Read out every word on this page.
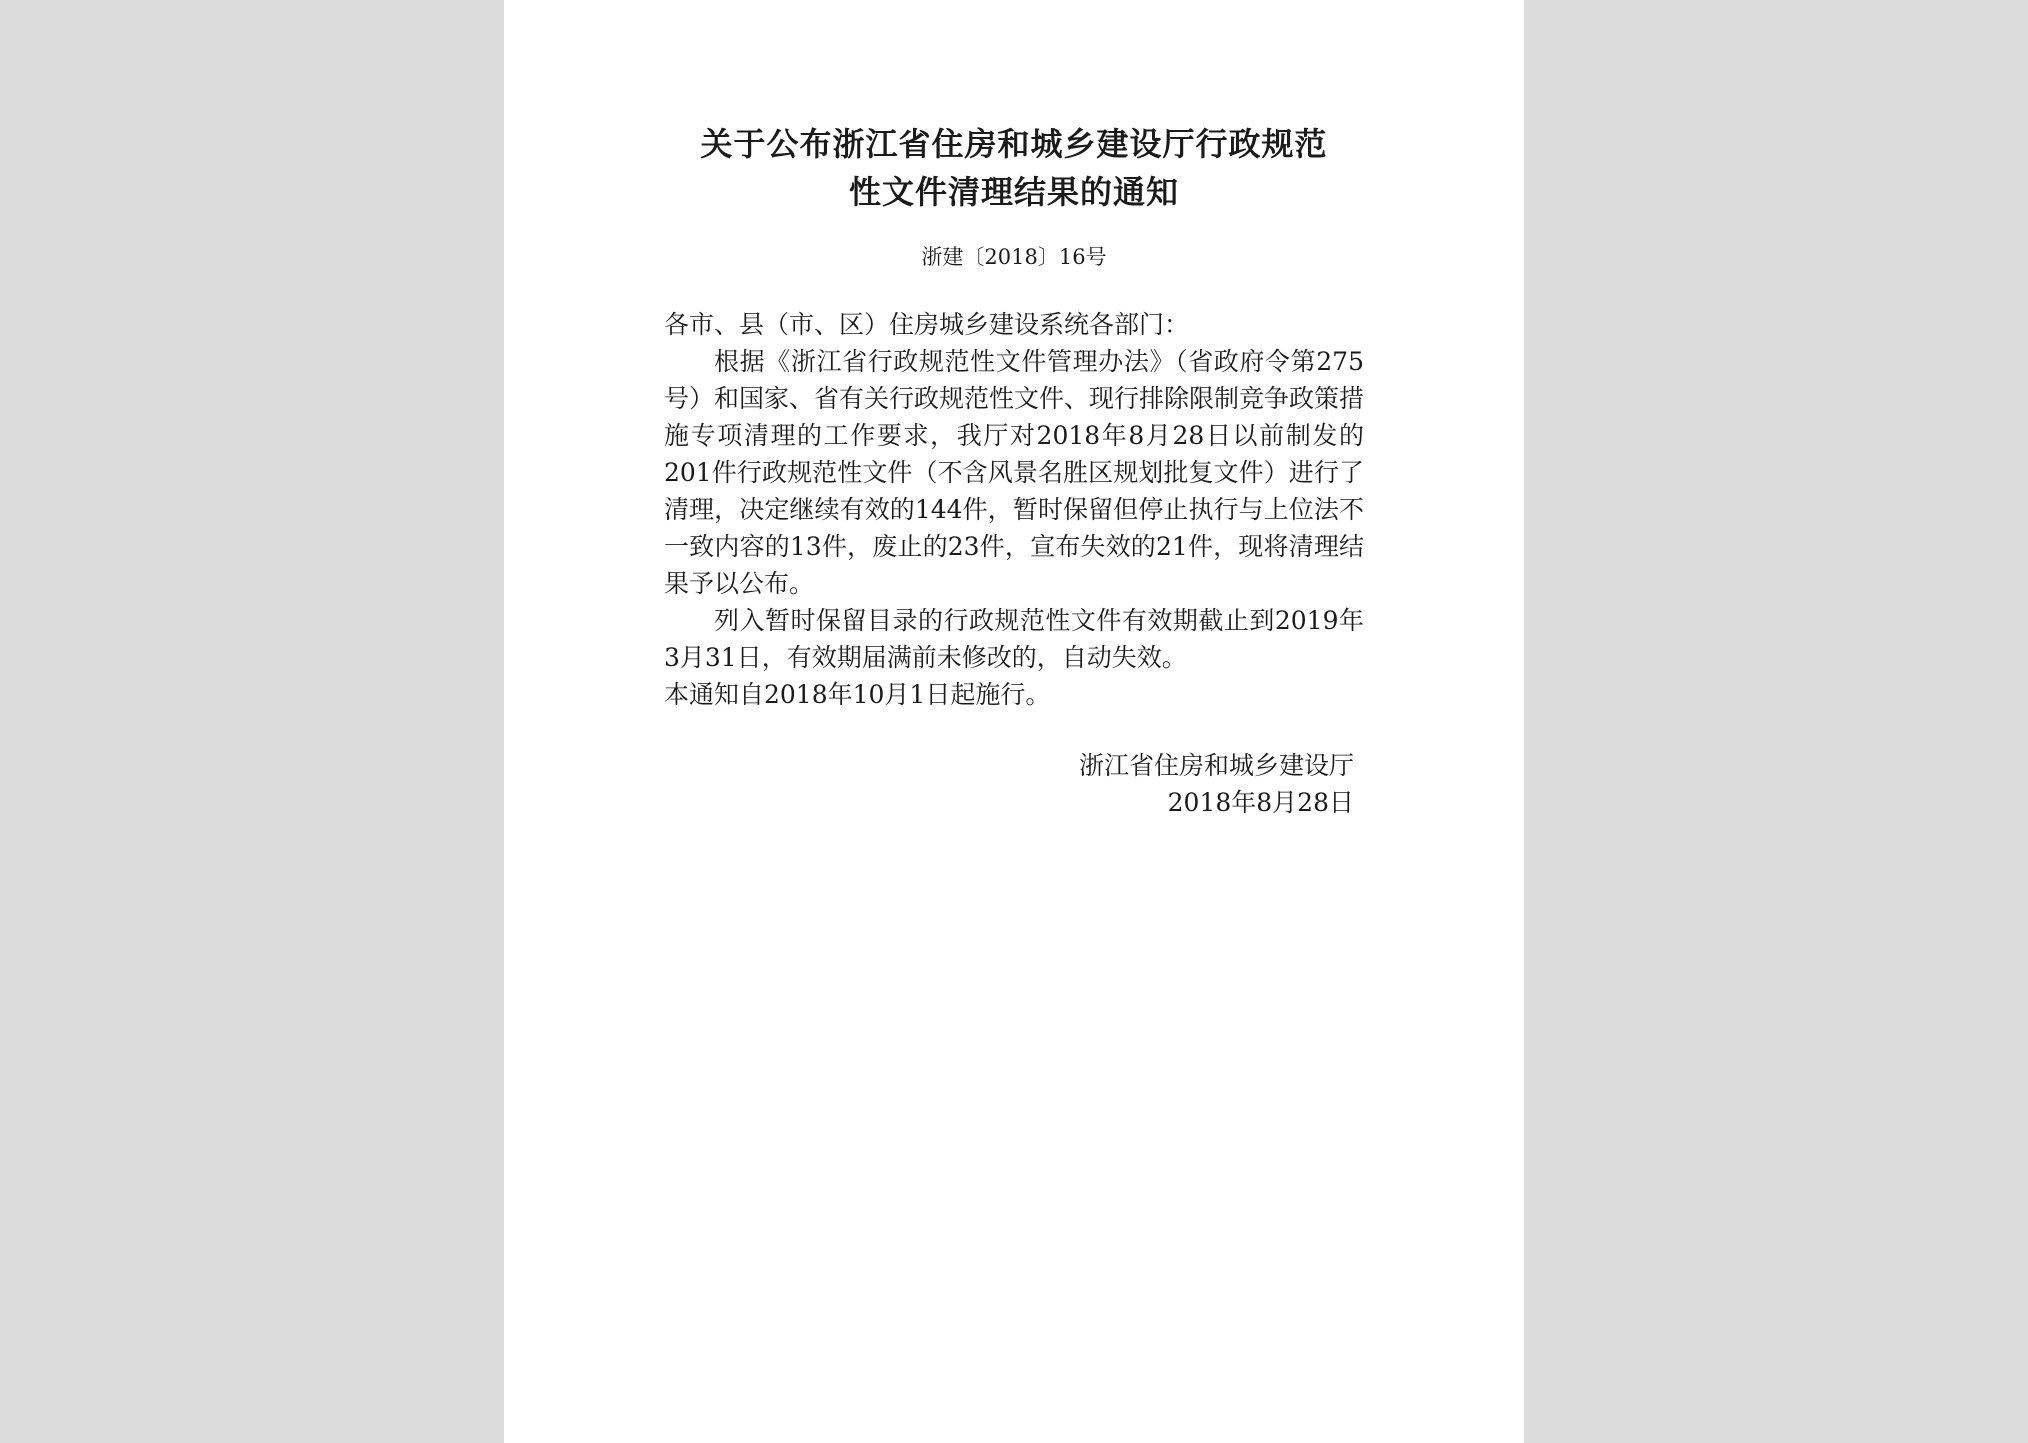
关于公布浙江省住房和城乡建设厅行政规范
性文件清理结果的通知
浙建〔2018〕16号

各市、县（市、区）住房城乡建设系统各部门：

根据《浙江省行政规范性文件管理办法》（省政府令第275号）和国家、省有关行政规范性文件、现行排除限制竞争政策措施专项清理的工作要求，我厅对2018年8月28日以前制发的201件行政规范性文件（不含风景名胜区规划批复文件）进行了清理，决定继续有效的144件，暂时保留但停止执行与上位法不一致内容的13件，废止的23件，宣布失效的21件，现将清理结果予以公布。

列入暂时保留目录的行政规范性文件有效期截止到2019年3月31日，有效期届满前未修改的，自动失效。

本通知自2018年10月1日起施行。

浙江省住房和城乡建设厅
2018年8月28日
